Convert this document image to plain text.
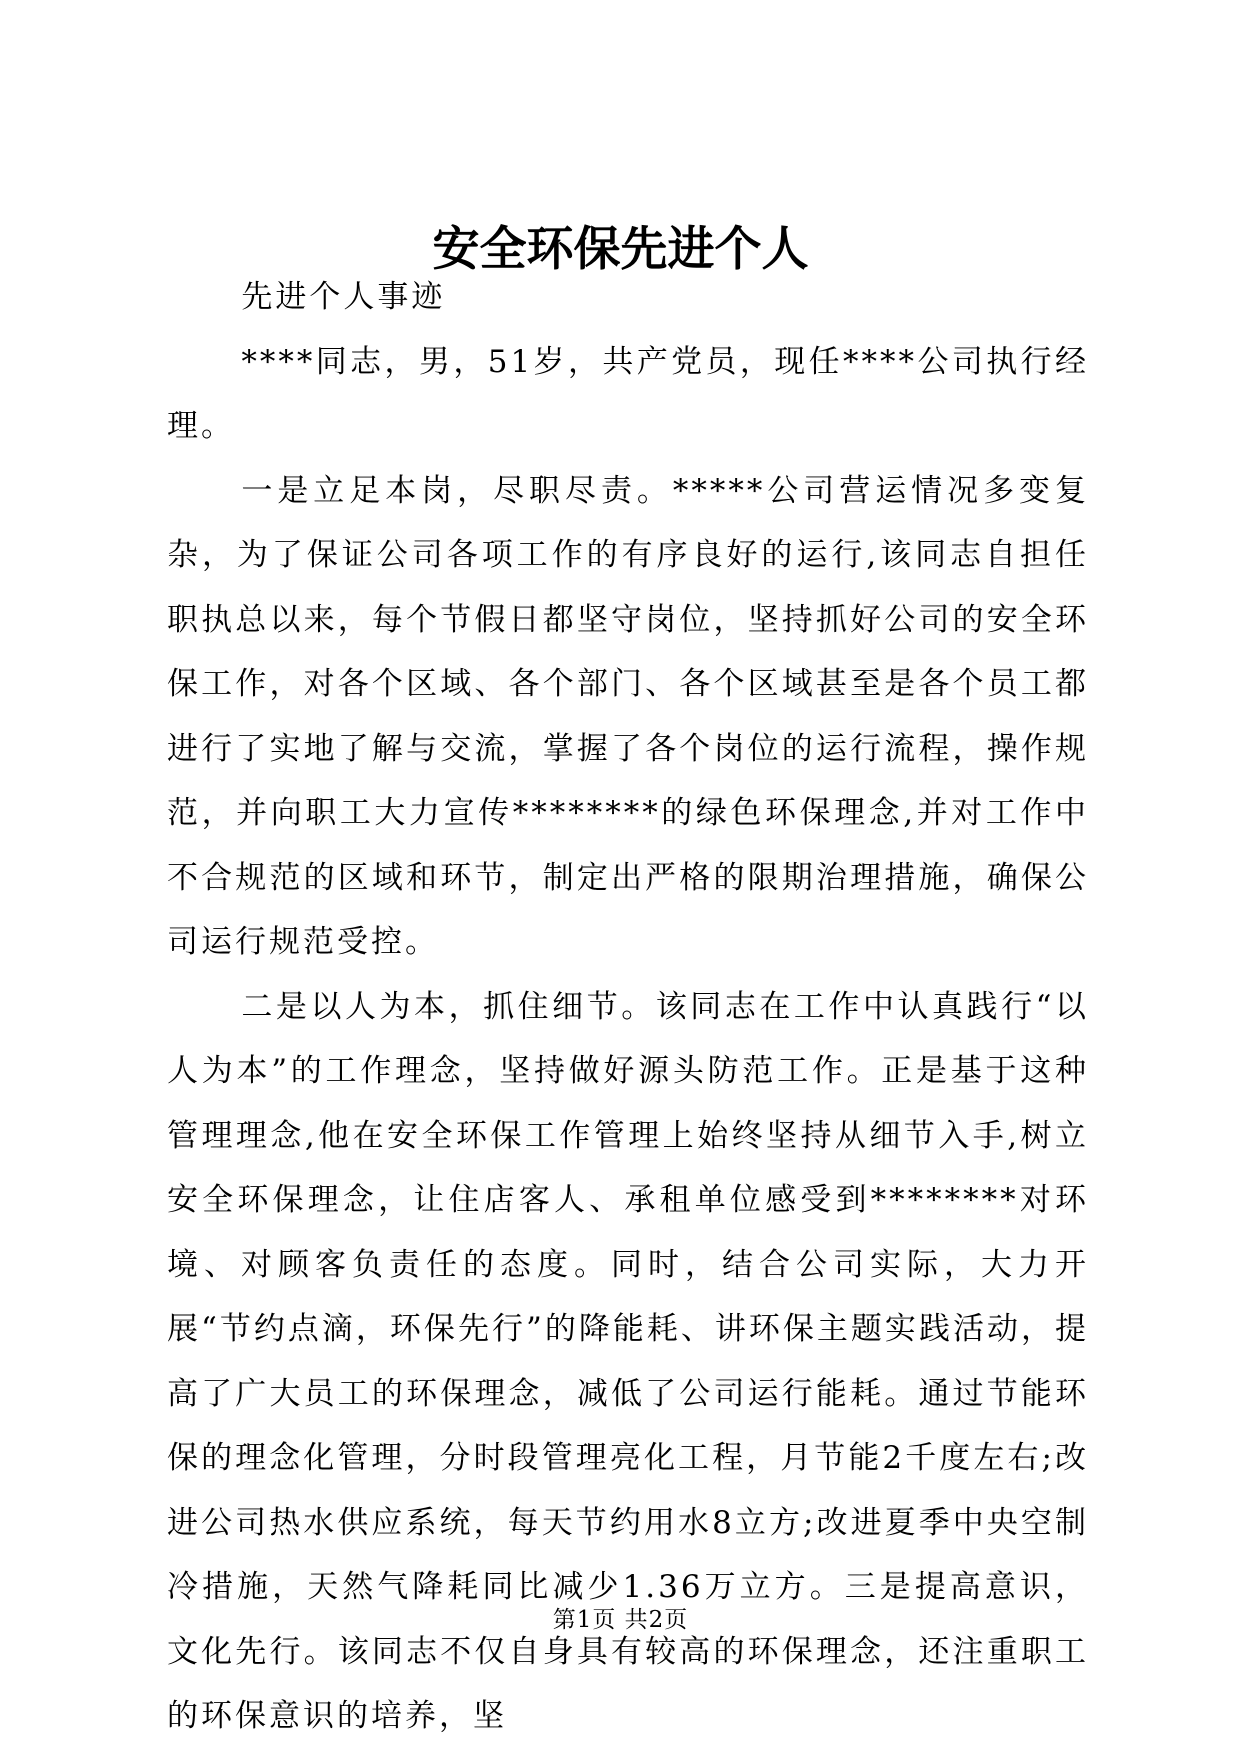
安全环保先进个人

先进个人事迹

****同志，男，51岁，共产党员，现任****公司执行经理。

一是立足本岗，尽职尽责。*****公司营运情况多变复杂，为了保证公司各项工作的有序良好的运行,该同志自担任职执总以来，每个节假日都坚守岗位，坚持抓好公司的安全环保工作，对各个区域、各个部门、各个区域甚至是各个员工都进行了实地了解与交流，掌握了各个岗位的运行流程，操作规范，并向职工大力宣传********的绿色环保理念,并对工作中不合规范的区域和环节，制定出严格的限期治理措施，确保公司运行规范受控。

二是以人为本，抓住细节。该同志在工作中认真践行“以人为本”的工作理念，坚持做好源头防范工作。正是基于这种管理理念,他在安全环保工作管理上始终坚持从细节入手,树立安全环保理念，让住店客人、承租单位感受到********对环境、对顾客负责任的态度。同时，结合公司实际，大力开展“节约点滴，环保先行”的降能耗、讲环保主题实践活动，提高了广大员工的环保理念，减低了公司运行能耗。通过节能环保的理念化管理，分时段管理亮化工程，月节能2千度左右;改进公司热水供应系统，每天节约用水8立方;改进夏季中央空制冷措施，天然气降耗同比减少1.36万立方。三是提高意识，文化先行。该同志不仅自身具有较高的环保理念，还注重职工的环保意识的培养，坚

第1页 共2页
